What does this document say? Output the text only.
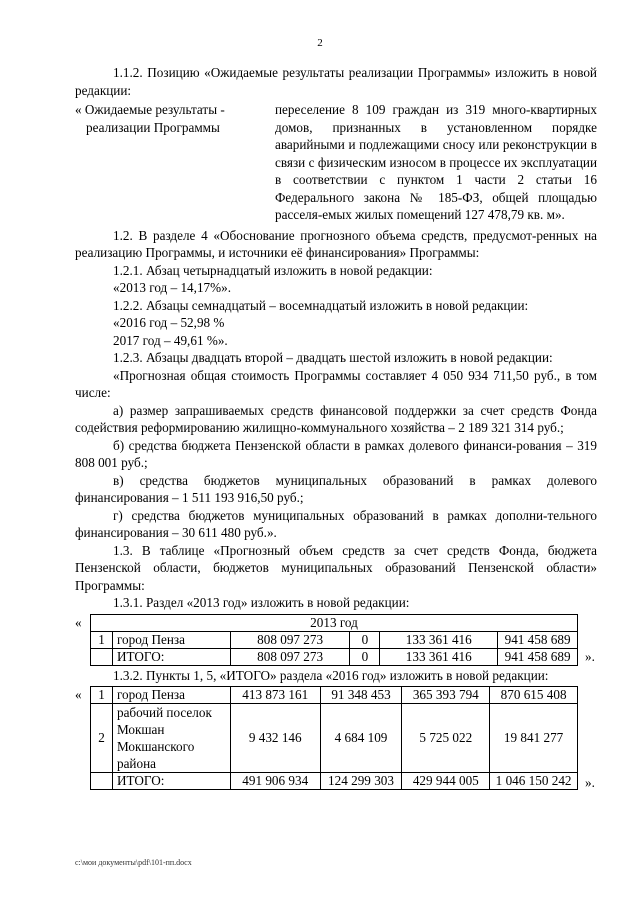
2

1.1.2. Позицию «Ожидаемые результаты реализации Программы» изложить в новой редакции:

« Ожидаемые результаты -
реализации Программы
переселение 8 109 граждан из 319 много-квартирных домов, признанных в установленном порядке аварийными и подлежащими сносу или реконструкции в связи с физическим износом в процессе их эксплуатации в соответствии с пунктом 1 части 2 статьи 16 Федерального закона № 185-ФЗ, общей площадью расселя-емых жилых помещений 127 478,79 кв. м».

1.2. В разделе 4 «Обоснование прогнозного объема средств, предусмот-ренных на реализацию Программы, и источники её финансирования» Программы:

1.2.1. Абзац четырнадцатый изложить в новой редакции:

«2013 год – 14,17%».

1.2.2. Абзацы семнадцатый – восемнадцатый изложить в новой редакции:

«2016 год – 52,98 %

2017 год – 49,61 %».

1.2.3. Абзацы двадцать второй – двадцать шестой изложить в новой редакции:

«Прогнозная общая стоимость Программы составляет 4 050 934 711,50 руб., в том числе:

а) размер запрашиваемых средств финансовой поддержки за счет средств Фонда содействия реформированию жилищно-коммунального хозяйства – 2 189 321 314 руб.;

б) средства бюджета Пензенской области в рамках долевого финанси-рования – 319 808 001 руб.;

в) средства бюджетов муниципальных образований в рамках долевого финансирования – 1 511 193 916,50 руб.;

г) средства бюджетов муниципальных образований в рамках дополни-тельного финансирования – 30 611 480 руб.».

1.3. В таблице «Прогнозный объем средств за счет средств Фонда, бюджета Пензенской области, бюджетов муниципальных образований Пензенской области» Программы:

1.3.1. Раздел «2013 год» изложить в новой редакции:

«	2013 год					
1	город Пенза	808 097 273	0	133 361 416	941 458 689
	ИТОГО:	808 097 273	0	133 361 416	941 458 689 ».

1.3.2. Пункты 1, 5, «ИТОГО» раздела «2016 год» изложить в новой редакции:

« 1	город Пенза	413 873 161	91 348 453	365 393 794	870 615 408
2	рабочий поселок Мокшан Мокшанского района	9 432 146	4 684 109	5 725 022	19 841 277
	ИТОГО:	491 906 934	124 299 303	429 944 005	1 046 150 242 ».
c:\мои документы\pdf\101-пп.docx
